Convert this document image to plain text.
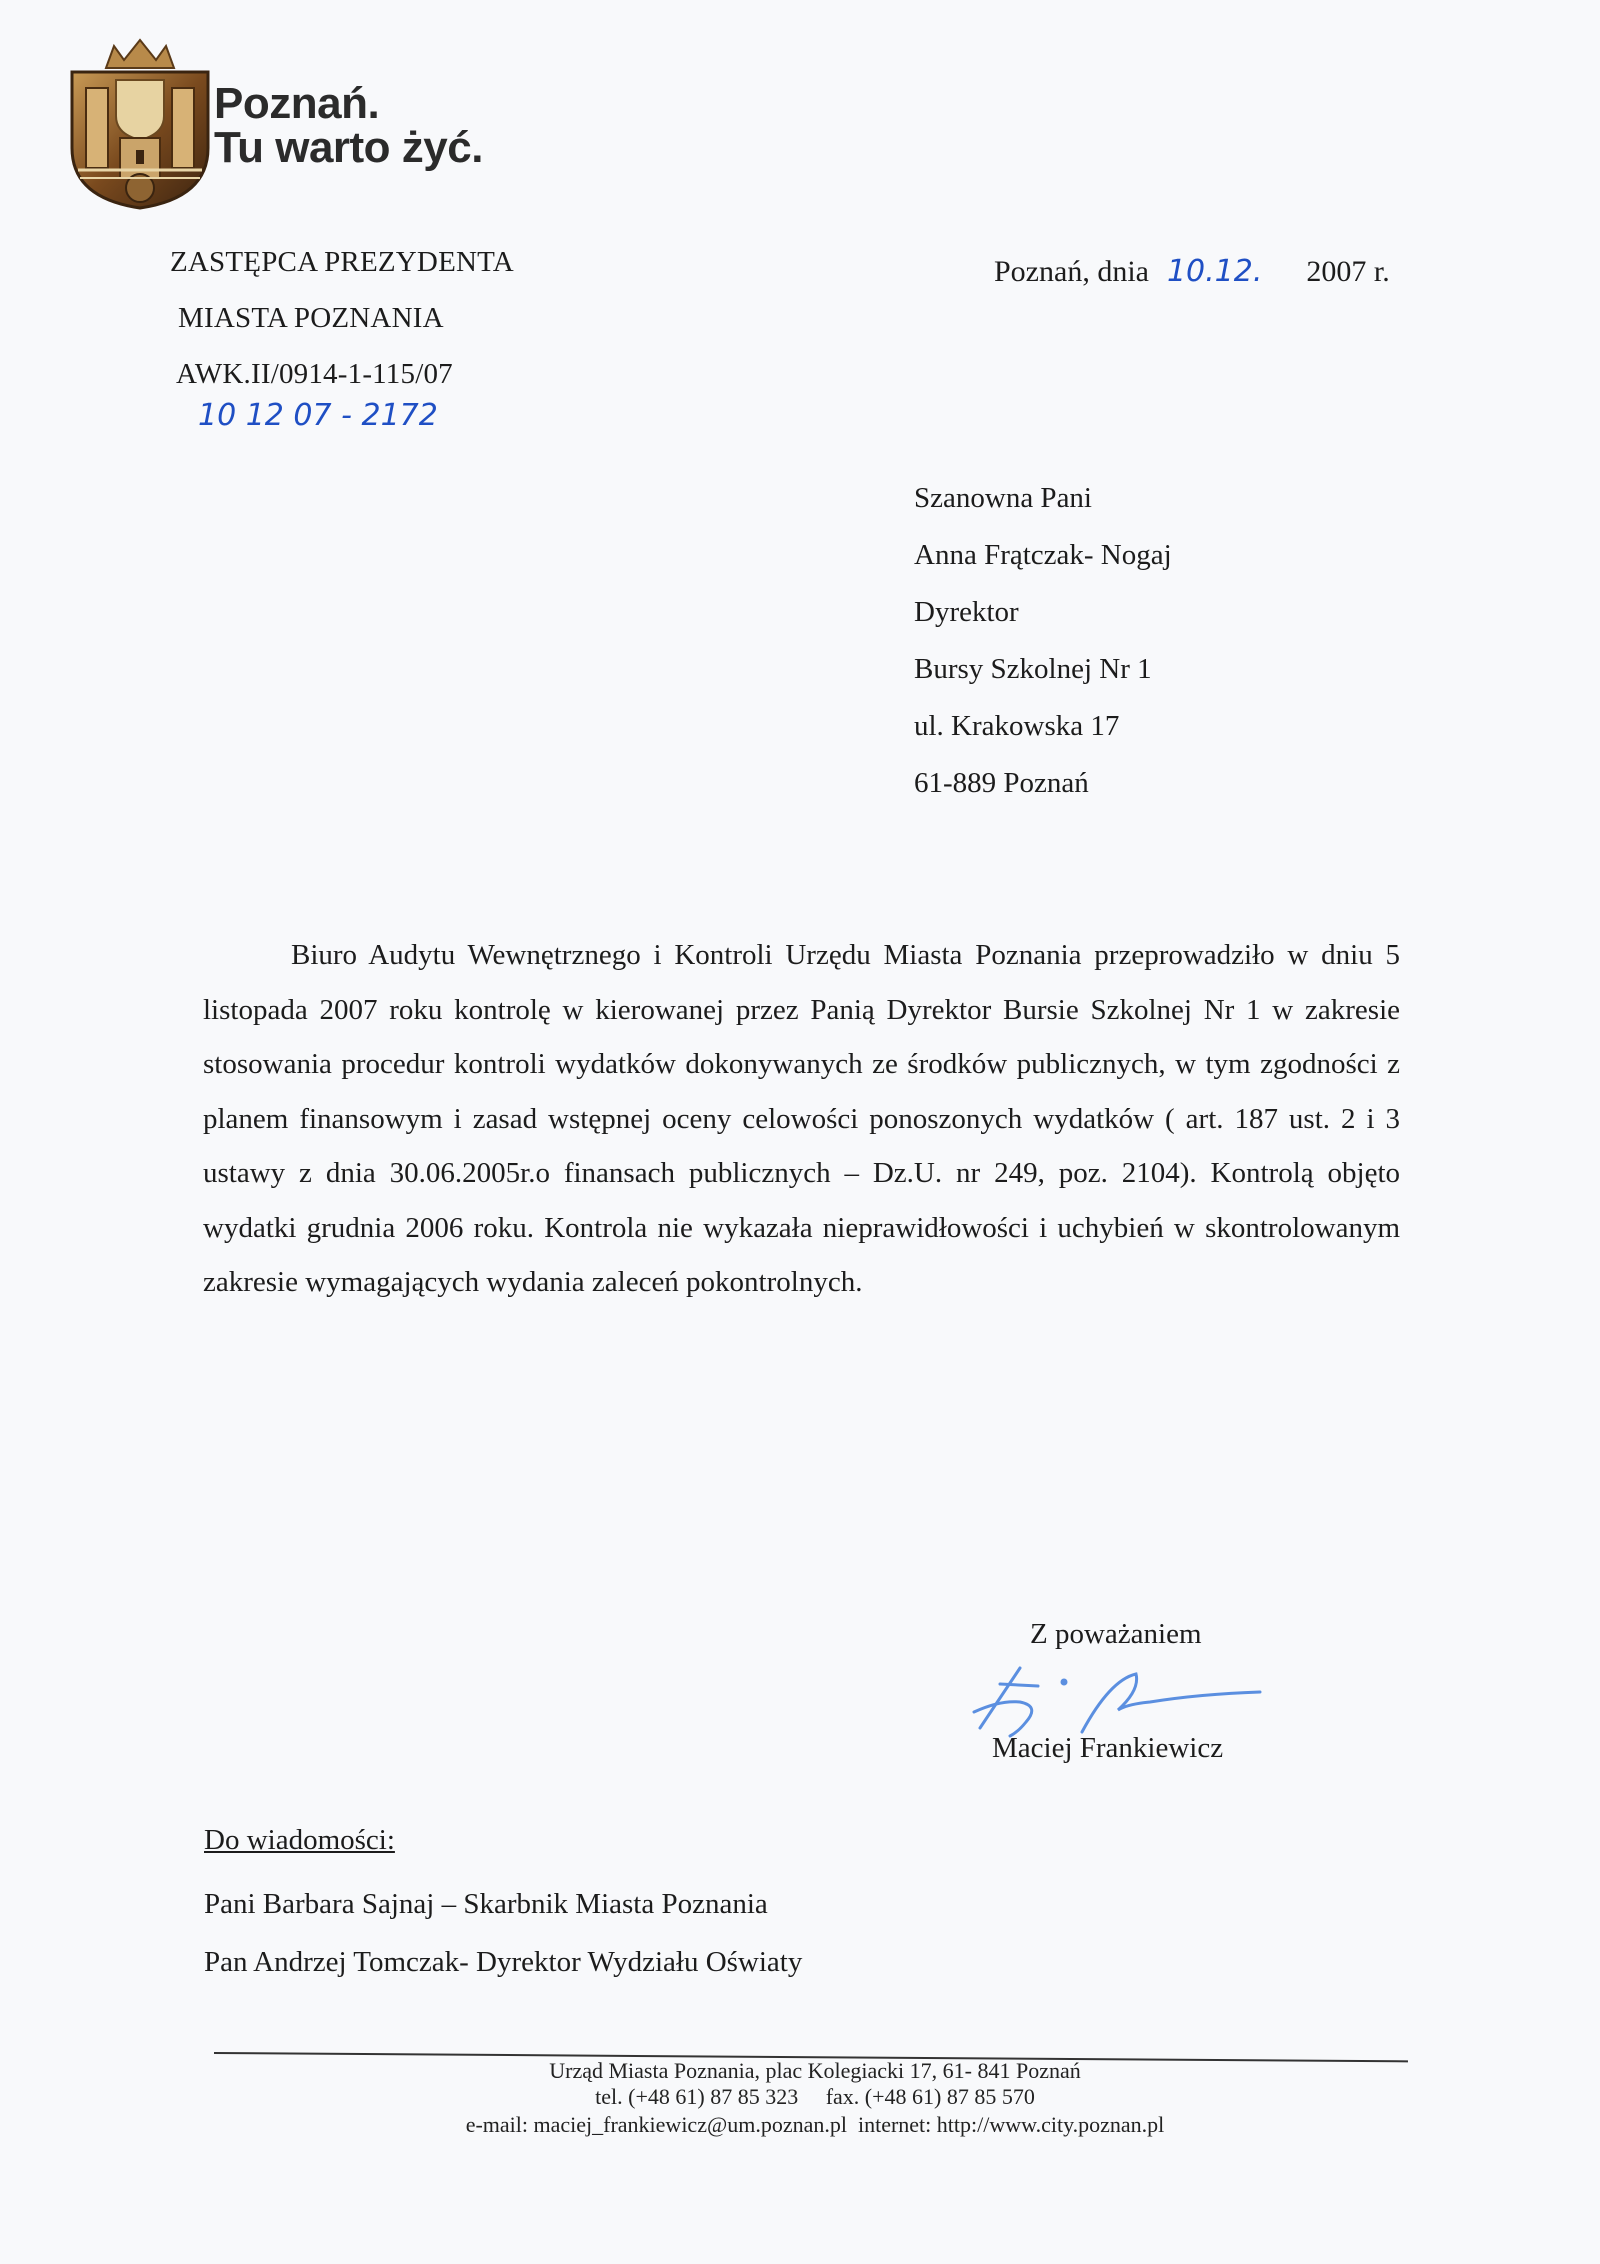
Poznań.
Tu warto żyć.
ZASTĘPCA PREZYDENTA
MIASTA POZNANIA
AWK.II/0914-1-115/07
10 12 07 - 2172
Poznań, dnia 10.12. 2007 r.
Szanowna Pani
Anna Frątczak- Nogaj
Dyrektor
Bursy Szkolnej Nr 1
ul. Krakowska 17
61-889 Poznań
Biuro Audytu Wewnętrznego i Kontroli Urzędu Miasta Poznania przeprowadziło w dniu 5 listopada 2007 roku kontrolę w kierowanej przez Panią Dyrektor Bursie Szkolnej Nr 1 w zakresie stosowania procedur kontroli wydatków dokonywanych ze środków publicznych, w tym zgodności z planem finansowym i zasad wstępnej oceny celowości ponoszonych wydatków ( art. 187 ust. 2 i 3 ustawy z dnia 30.06.2005r.o finansach publicznych – Dz.U. nr 249, poz. 2104). Kontrolą objęto wydatki grudnia 2006 roku. Kontrola nie wykazała nieprawidłowości i uchybień w skontrolowanym zakresie wymagających wydania zaleceń pokontrolnych.
Z poważaniem
Maciej Frankiewicz
Do wiadomości:
Pani Barbara Sajnaj – Skarbnik Miasta Poznania
Pan Andrzej Tomczak- Dyrektor Wydziału Oświaty
Urząd Miasta Poznania, plac Kolegiacki 17, 61- 841 Poznań
tel. (+48 61) 87 85 323     fax. (+48 61) 87 85 570
e-mail: maciej_frankiewicz@um.poznan.pl  internet: http://www.city.poznan.pl
